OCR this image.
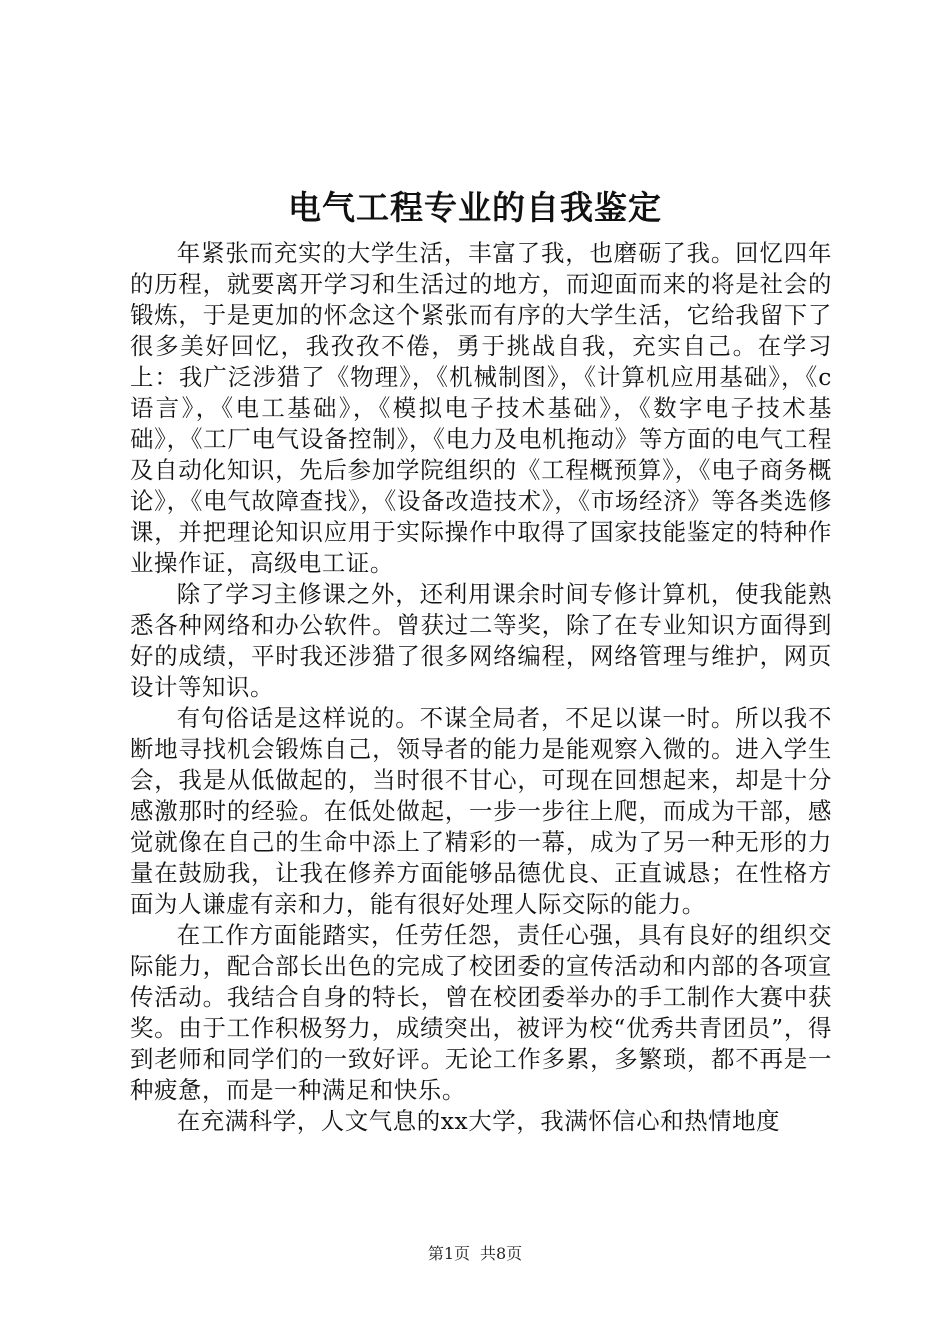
电气工程专业的自我鉴定

年紧张而充实的大学生活，丰富了我，也磨砺了我。回忆四年的历程，就要离开学习和生活过的地方，而迎面而来的将是社会的锻炼，于是更加的怀念这个紧张而有序的大学生活，它给我留下了很多美好回忆，我孜孜不倦，勇于挑战自我，充实自己。在学习上：我广泛涉猎了《物理》，《机械制图》，《计算机应用基础》，《c语言》，《电工基础》，《模拟电子技术基础》，《数字电子技术基础》，《工厂电气设备控制》，《电力及电机拖动》等方面的电气工程及自动化知识，先后参加学院组织的《工程概预算》，《电子商务概论》，《电气故障查找》，《设备改造技术》，《市场经济》等各类选修课，并把理论知识应用于实际操作中取得了国家技能鉴定的特种作业操作证，高级电工证。

除了学习主修课之外，还利用课余时间专修计算机，使我能熟悉各种网络和办公软件。曾获过二等奖，除了在专业知识方面得到好的成绩，平时我还涉猎了很多网络编程，网络管理与维护，网页设计等知识。

有句俗话是这样说的。不谋全局者，不足以谋一时。所以我不断地寻找机会锻炼自己，领导者的能力是能观察入微的。进入学生会，我是从低做起的，当时很不甘心，可现在回想起来，却是十分感激那时的经验。在低处做起，一步一步往上爬，而成为干部，感觉就像在自己的生命中添上了精彩的一幕，成为了另一种无形的力量在鼓励我，让我在修养方面能够品德优良、正直诚恳；在性格方面为人谦虚有亲和力，能有很好处理人际交际的能力。

在工作方面能踏实，任劳任怨，责任心强，具有良好的组织交际能力，配合部长出色的完成了校团委的宣传活动和内部的各项宣传活动。我结合自身的特长，曾在校团委举办的手工制作大赛中获奖。由于工作积极努力，成绩突出，被评为校“优秀共青团员”，得到老师和同学们的一致好评。无论工作多累，多繁琐，都不再是一种疲惫，而是一种满足和快乐。

在充满科学，人文气息的xx大学，我满怀信心和热情地度

第1页 共8页
